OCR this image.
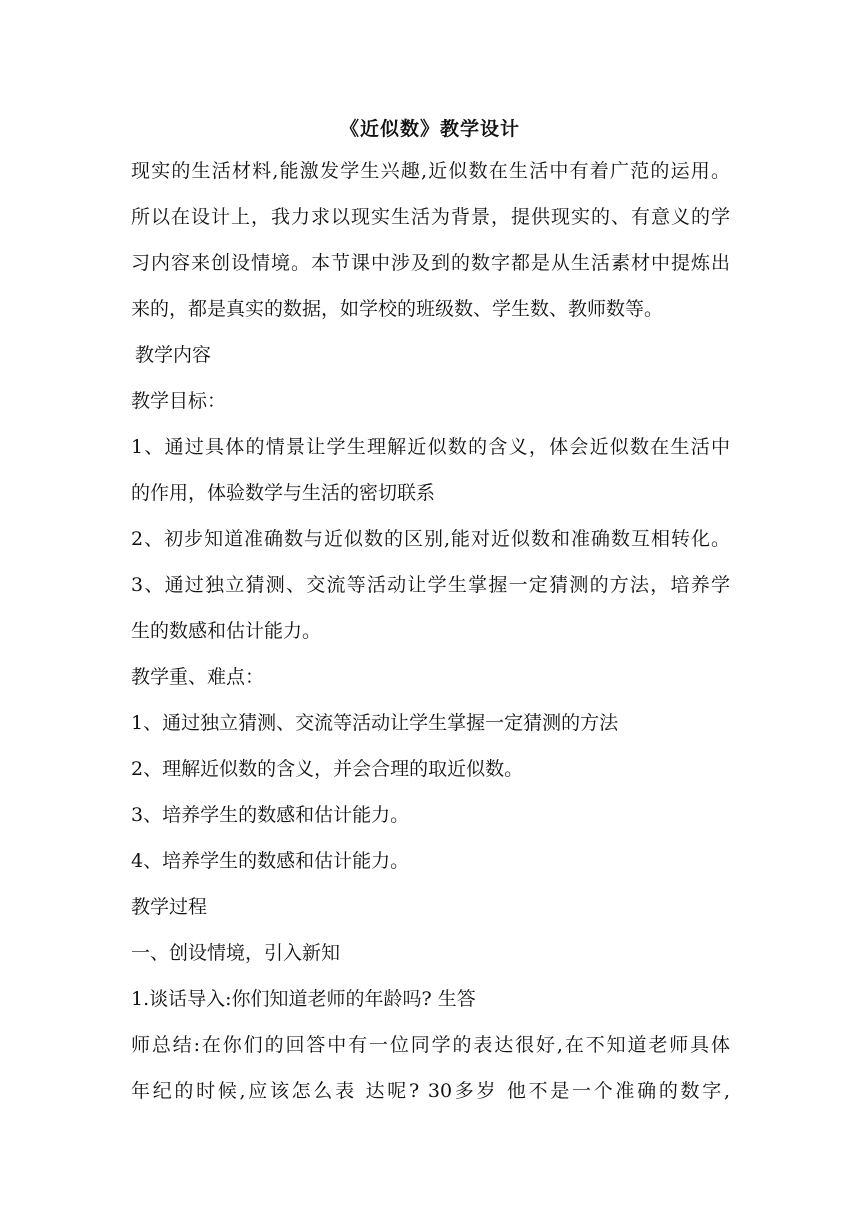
《近似数》教学设计
现实的生活材料,能激发学生兴趣,近似数在生活中有着广范的运用。
所以在设计上，我力求以现实生活为背景，提供现实的、有意义的学
习内容来创设情境。本节课中涉及到的数字都是从生活素材中提炼出
来的，都是真实的数据，如学校的班级数、学生数、教师数等。
教学内容
教学目标：
1、通过具体的情景让学生理解近似数的含义，体会近似数在生活中
的作用，体验数学与生活的密切联系
2、初步知道准确数与近似数的区别,能对近似数和准确数互相转化。
3、通过独立猜测、交流等活动让学生掌握一定猜测的方法，培养学
生的数感和估计能力。
教学重、难点：
1、通过独立猜测、交流等活动让学生掌握一定猜测的方法
2、理解近似数的含义，并会合理的取近似数。
3、培养学生的数感和估计能力。
4、培养学生的数感和估计能力。
教学过程
一、创设情境，引入新知
1.谈话导入:你们知道老师的年龄吗? 生答
师总结:在你们的回答中有一位同学的表达很好,在不知道老师具体
年纪的时候,应该怎么表 达呢? 30多岁 他不是一个准确的数字,
